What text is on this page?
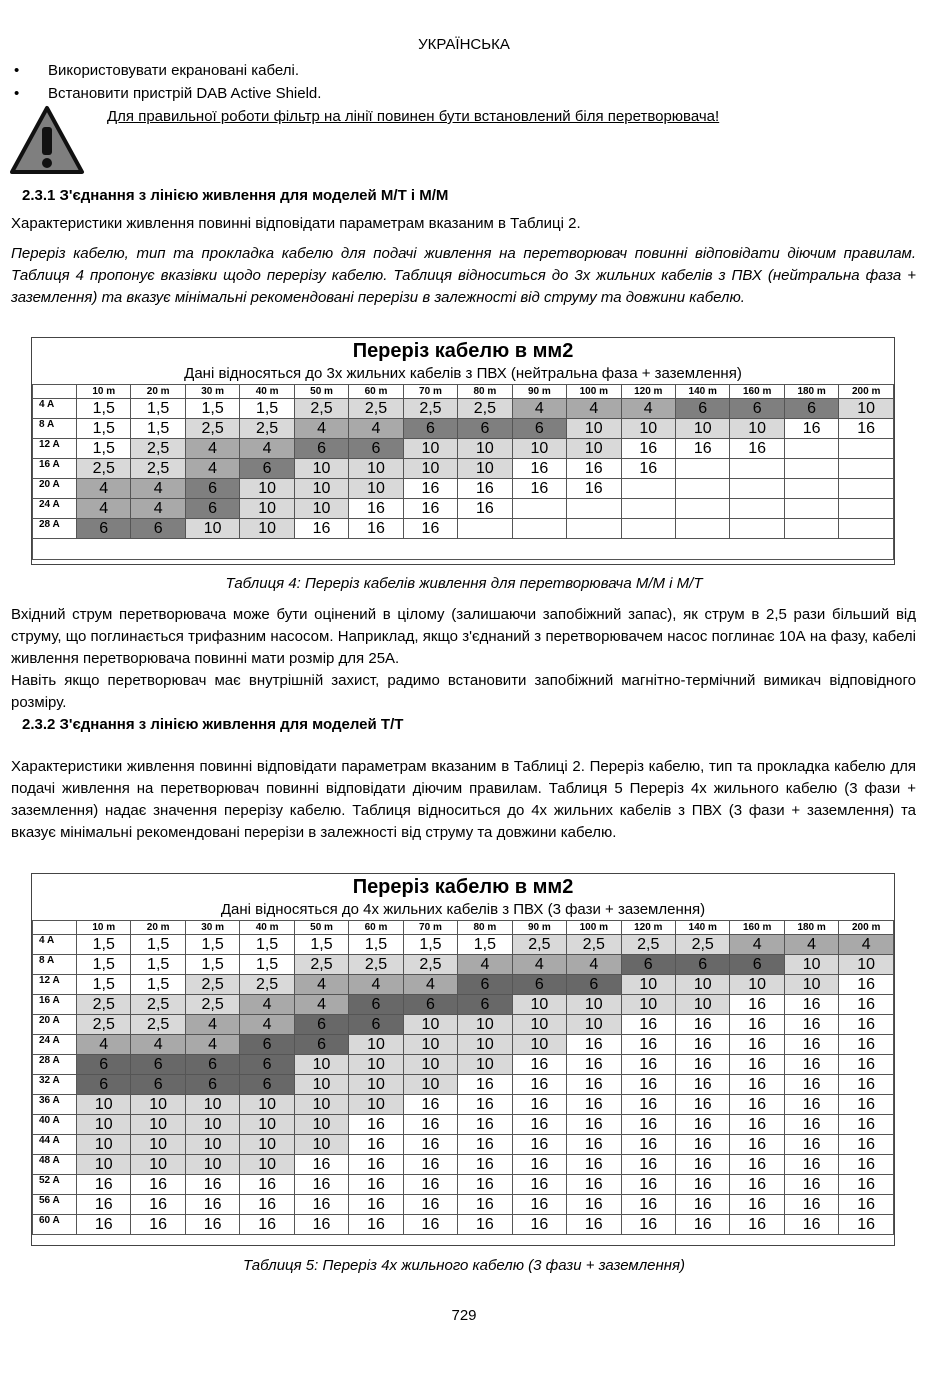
УКРАЇНСЬКА
• Використовувати екрановані кабелі.
• Встановити пристрій DAB Active Shield.
Для правильної роботи фільтр на лінії повинен бути встановлений біля перетворювача!
2.3.1 З'єднання з лінією живлення для моделей М/Т і М/М
Характеристики живлення повинні відповідати параметрам вказаним в Таблиці 2.
Переріз кабелю, тип та прокладка кабелю для подачі живлення на перетворювач повинні відповідати діючим правилам. Таблиця 4 пропонує вказівки щодо перерізу кабелю. Таблиця відноситься до 3х жильних кабелів з ПВХ (нейтральна фаза + заземлення) та вказує мінімальні рекомендовані перерізи в залежності від струму та довжини кабелю.
Переріз кабелю в мм2
Дані відносяться до 3х жильних кабелів з ПВХ (нейтральна фаза + заземлення)
	10 m	20 m	30 m	40 m	50 m	60 m	70 m	80 m	90 m	100 m	120 m	140 m	160 m	180 m	200 m
4 A	1,5	1,5	1,5	1,5	2,5	2,5	2,5	2,5	4	4	4	6	6	6	10
8 A	1,5	1,5	2,5	2,5	4	4	6	6	6	10	10	10	10	16	16
12 A	1,5	2,5	4	4	6	6	10	10	10	10	16	16	16		
16 A	2,5	2,5	4	6	10	10	10	10	16	16	16				
20 A	4	4	6	10	10	10	16	16	16	16					
24 A	4	4	6	10	10	16	16	16							
28 A	6	6	10	10	16	16	16								

Таблиця 4: Переріз кабелів живлення для перетворювача М/М і М/Т
Вхідний струм перетворювача може бути оцінений в цілому (залишаючи запобіжний запас), як струм в 2,5 рази більший від струму, що поглинається трифазним насосом. Наприклад, якщо з'єднаний з перетворювачем насос поглинає 10А на фазу, кабелі живлення перетворювача повинні мати розмір для 25А.
Навіть якщо перетворювач має внутрішній захист, радимо встановити запобіжний магнітно-термічний вимикач відповідного розміру.
2.3.2 З'єднання з лінією живлення для моделей Т/Т
Характеристики живлення повинні відповідати параметрам вказаним в Таблиці 2. Переріз кабелю, тип та прокладка кабелю для подачі живлення на перетворювач повинні відповідати діючим правилам. Таблиця 5 Переріз 4х жильного кабелю (3 фази + заземлення) надає значення перерізу кабелю. Таблиця відноситься до 4х жильних кабелів з ПВХ (3 фази + заземлення) та вказує мінімальні рекомендовані перерізи в залежності від струму та довжини кабелю.
Переріз кабелю в мм2
Дані відносяться до 4х жильних кабелів з ПВХ (3 фази + заземлення)
	10 m	20 m	30 m	40 m	50 m	60 m	70 m	80 m	90 m	100 m	120 m	140 m	160 m	180 m	200 m
4 A	1,5	1,5	1,5	1,5	1,5	1,5	1,5	1,5	2,5	2,5	2,5	2,5	4	4	4
8 A	1,5	1,5	1,5	1,5	2,5	2,5	2,5	4	4	4	6	6	6	10	10
12 A	1,5	1,5	2,5	2,5	4	4	4	6	6	6	10	10	10	10	16
16 A	2,5	2,5	2,5	4	4	6	6	6	10	10	10	10	16	16	16
20 A	2,5	2,5	4	4	6	6	10	10	10	10	16	16	16	16	16
24 A	4	4	4	6	6	10	10	10	10	16	16	16	16	16	16
28 A	6	6	6	6	10	10	10	10	16	16	16	16	16	16	16
32 A	6	6	6	6	10	10	10	16	16	16	16	16	16	16	16
36 A	10	10	10	10	10	10	16	16	16	16	16	16	16	16	16
40 A	10	10	10	10	10	16	16	16	16	16	16	16	16	16	16
44 A	10	10	10	10	10	16	16	16	16	16	16	16	16	16	16
48 A	10	10	10	10	16	16	16	16	16	16	16	16	16	16	16
52 A	16	16	16	16	16	16	16	16	16	16	16	16	16	16	16
56 A	16	16	16	16	16	16	16	16	16	16	16	16	16	16	16
60 A	16	16	16	16	16	16	16	16	16	16	16	16	16	16	16
Таблиця 5: Переріз 4х жильного кабелю (3 фази + заземлення)
729
